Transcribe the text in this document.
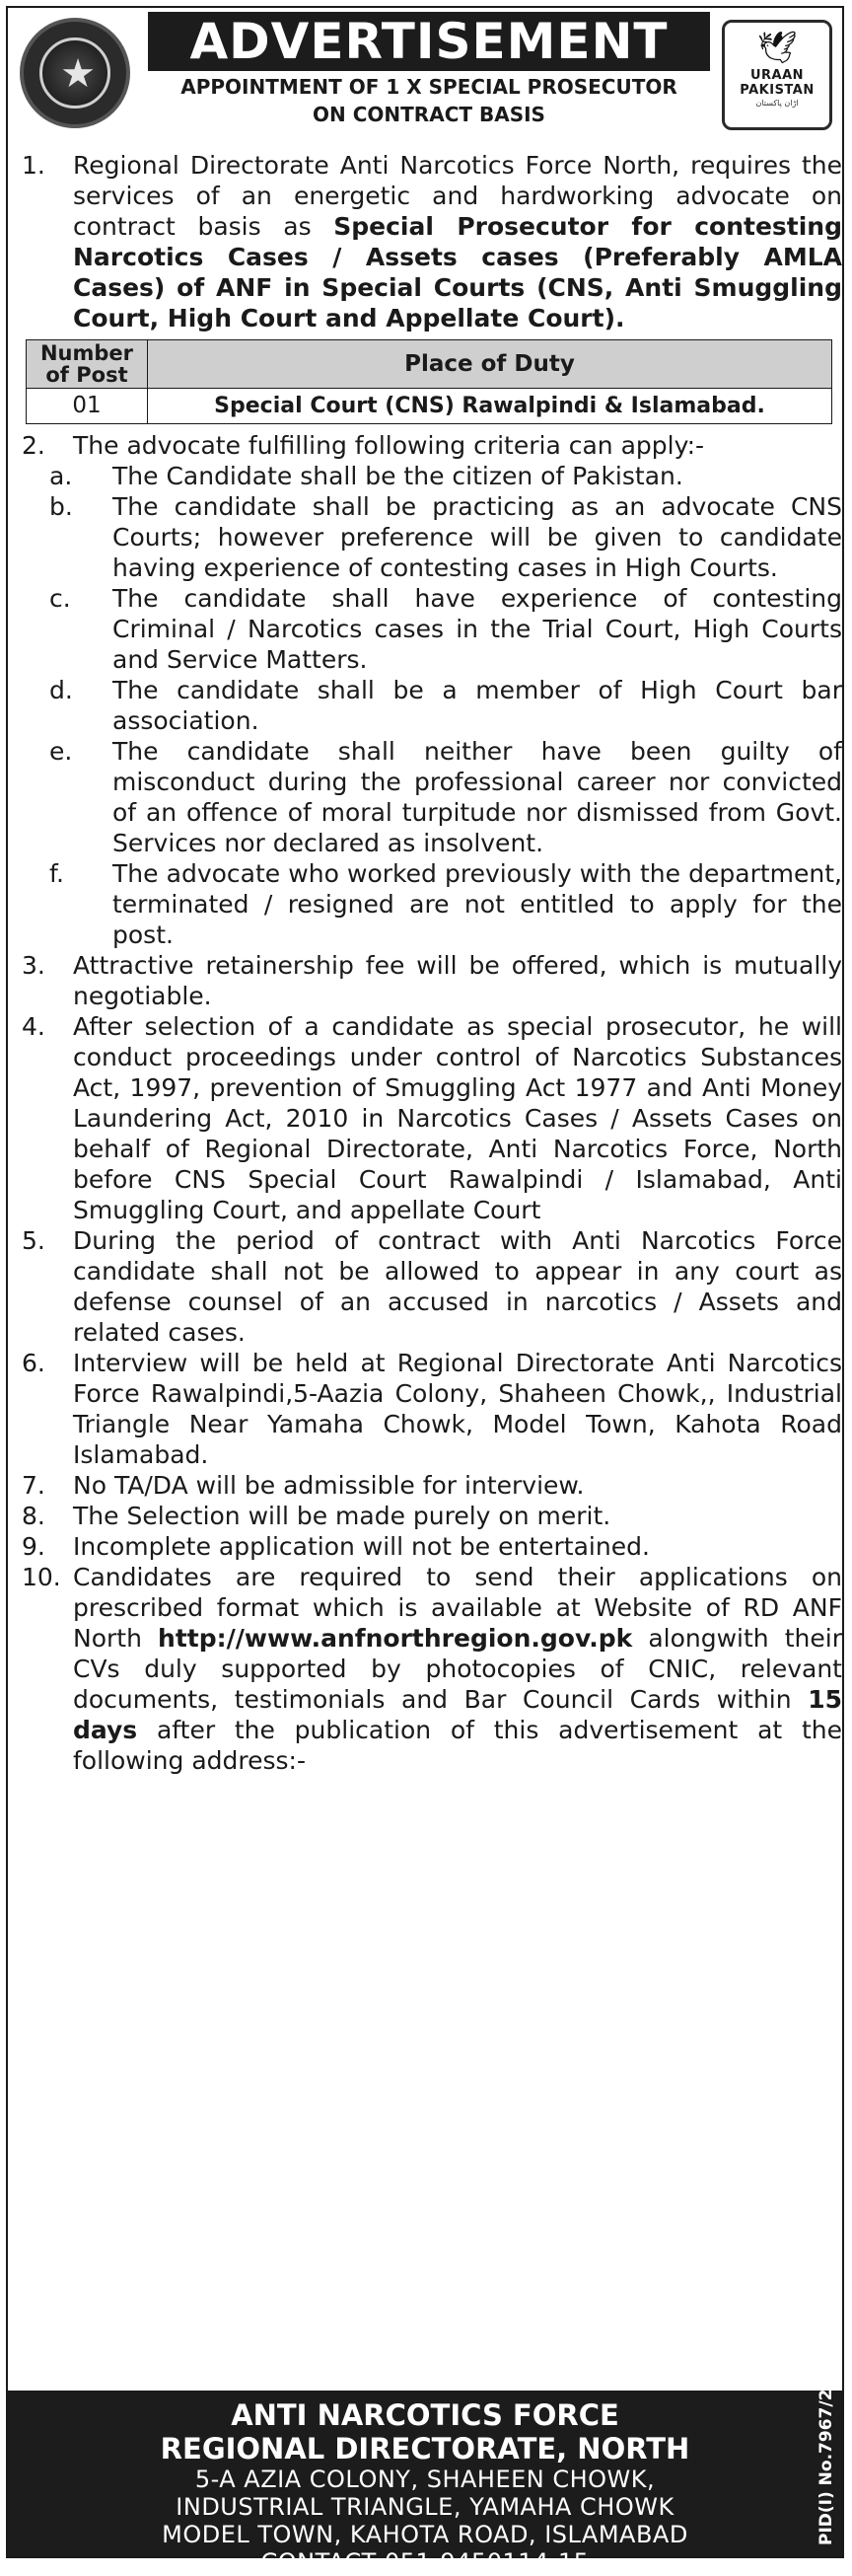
★
ADVERTISEMENT
APPOINTMENT OF 1 X SPECIAL PROSECUTOR
ON CONTRACT BASIS
🕊
URAAN PAKISTAN
اڑان پاکستان
1.	Regional Directorate Anti Narcotics Force North, requires the services of an energetic and hardworking advocate on contract basis as Special Prosecutor for contesting Narcotics Cases / Assets cases (Preferably AMLA Cases) of ANF in Special Courts (CNS, Anti Smuggling Court, High Court and Appellate Court).
Number of Post	Place of Duty
01	Special Court (CNS) Rawalpindi & Islamabad.
2.	The advocate fulfilling following criteria can apply:-
a.	The Candidate shall be the citizen of Pakistan.
b.	The candidate shall be practicing as an advocate CNS Courts; however preference will be given to candidate having experience of contesting cases in High Courts.
c.	The candidate shall have experience of contesting Criminal / Narcotics cases in the Trial Court, High Courts and Service Matters.
d.	The candidate shall be a member of High Court bar association.
e.	The candidate shall neither have been guilty of misconduct during the professional career nor convicted of an offence of moral turpitude nor dismissed from Govt. Services nor declared as insolvent.
f.	The advocate who worked previously with the department, terminated / resigned are not entitled to apply for the post.
3.	Attractive retainership fee will be offered, which is mutually negotiable.
4.	After selection of a candidate as special prosecutor, he will conduct proceedings under control of Narcotics Substances Act, 1997, prevention of Smuggling Act 1977 and Anti Money Laundering Act, 2010 in Narcotics Cases / Assets Cases on behalf of Regional Directorate, Anti Narcotics Force, North before CNS Special Court Rawalpindi / Islamabad, Anti Smuggling Court, and appellate Court
5.	During the period of contract with Anti Narcotics Force candidate shall not be allowed to appear in any court as defense counsel of an accused in narcotics / Assets and related cases.
6.	Interview will be held at Regional Directorate Anti Narcotics Force Rawalpindi,5-Aazia Colony, Shaheen Chowk,, Industrial Triangle Near Yamaha Chowk, Model Town, Kahota Road Islamabad.
7.	No TA/DA will be admissible for interview.
8.	The Selection will be made purely on merit.
9.	Incomplete application will not be entertained.
10. Candidates are required to send their applications on prescribed format which is available at Website of RD ANF North http://www.anfnorthregion.gov.pk alongwith their CVs duly supported by photocopies of CNIC, relevant documents, testimonials and Bar Council Cards within 15 days after the publication of this advertisement at the following address:-
ANTI NARCOTICS FORCE
REGIONAL DIRECTORATE, NORTH
5-A AZIA COLONY, SHAHEEN CHOWK,
INDUSTRIAL TRIANGLE, YAMAHA CHOWK
MODEL TOWN, KAHOTA ROAD, ISLAMABAD
CONTACT 051-9450114-15
PID(I) No.7967/24
